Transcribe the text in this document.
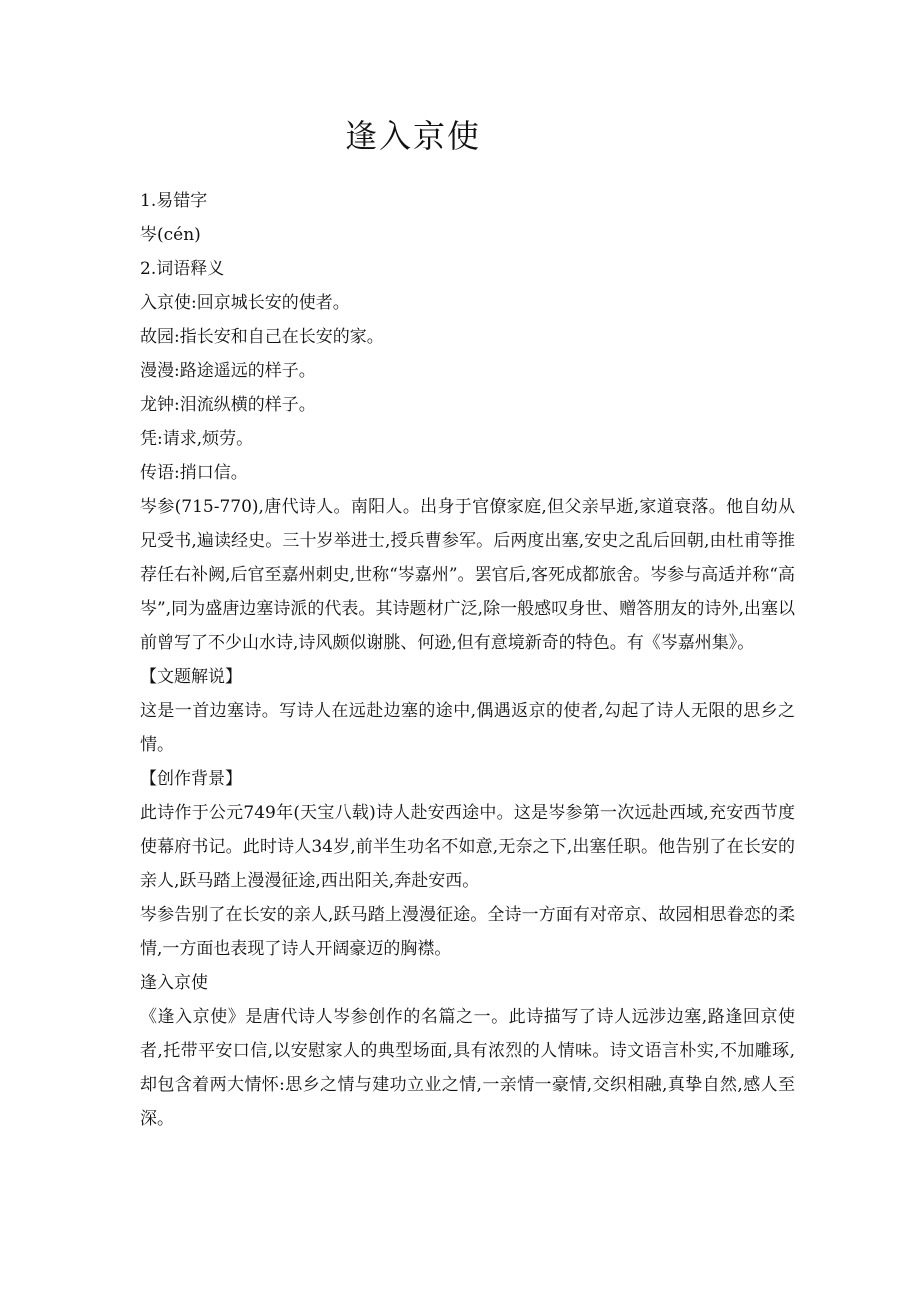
逢入京使
1.易错字
岑(cén)
2.词语释义
入京使:回京城长安的使者。
故园:指长安和自己在长安的家。
漫漫:路途遥远的样子。
龙钟:泪流纵横的样子。
凭:请求,烦劳。
传语:捎口信。

岑参(715-770),唐代诗人。南阳人。出身于官僚家庭,但父亲早逝,家道衰落。他自幼从兄受书,遍读经史。三十岁举进士,授兵曹参军。后两度出塞,安史之乱后回朝,由杜甫等推荐任右补阙,后官至嘉州刺史,世称“岑嘉州”。罢官后,客死成都旅舍。岑参与高适并称“高岑”,同为盛唐边塞诗派的代表。其诗题材广泛,除一般感叹身世、赠答朋友的诗外,出塞以前曾写了不少山水诗,诗风颇似谢朓、何逊,但有意境新奇的特色。有《岑嘉州集》。

【文题解说】

这是一首边塞诗。写诗人在远赴边塞的途中,偶遇返京的使者,勾起了诗人无限的思乡之情。

【创作背景】

此诗作于公元749年(天宝八载)诗人赴安西途中。这是岑参第一次远赴西域,充安西节度使幕府书记。此时诗人34岁,前半生功名不如意,无奈之下,出塞任职。他告别了在长安的亲人,跃马踏上漫漫征途,西出阳关,奔赴安西。

岑参告别了在长安的亲人,跃马踏上漫漫征途。全诗一方面有对帝京、故园相思眷恋的柔情,一方面也表现了诗人开阔豪迈的胸襟。

逢入京使

《逢入京使》是唐代诗人岑参创作的名篇之一。此诗描写了诗人远涉边塞,路逢回京使者,托带平安口信,以安慰家人的典型场面,具有浓烈的人情味。诗文语言朴实,不加雕琢,却包含着两大情怀:思乡之情与建功立业之情,一亲情一豪情,交织相融,真挚自然,感人至深。
